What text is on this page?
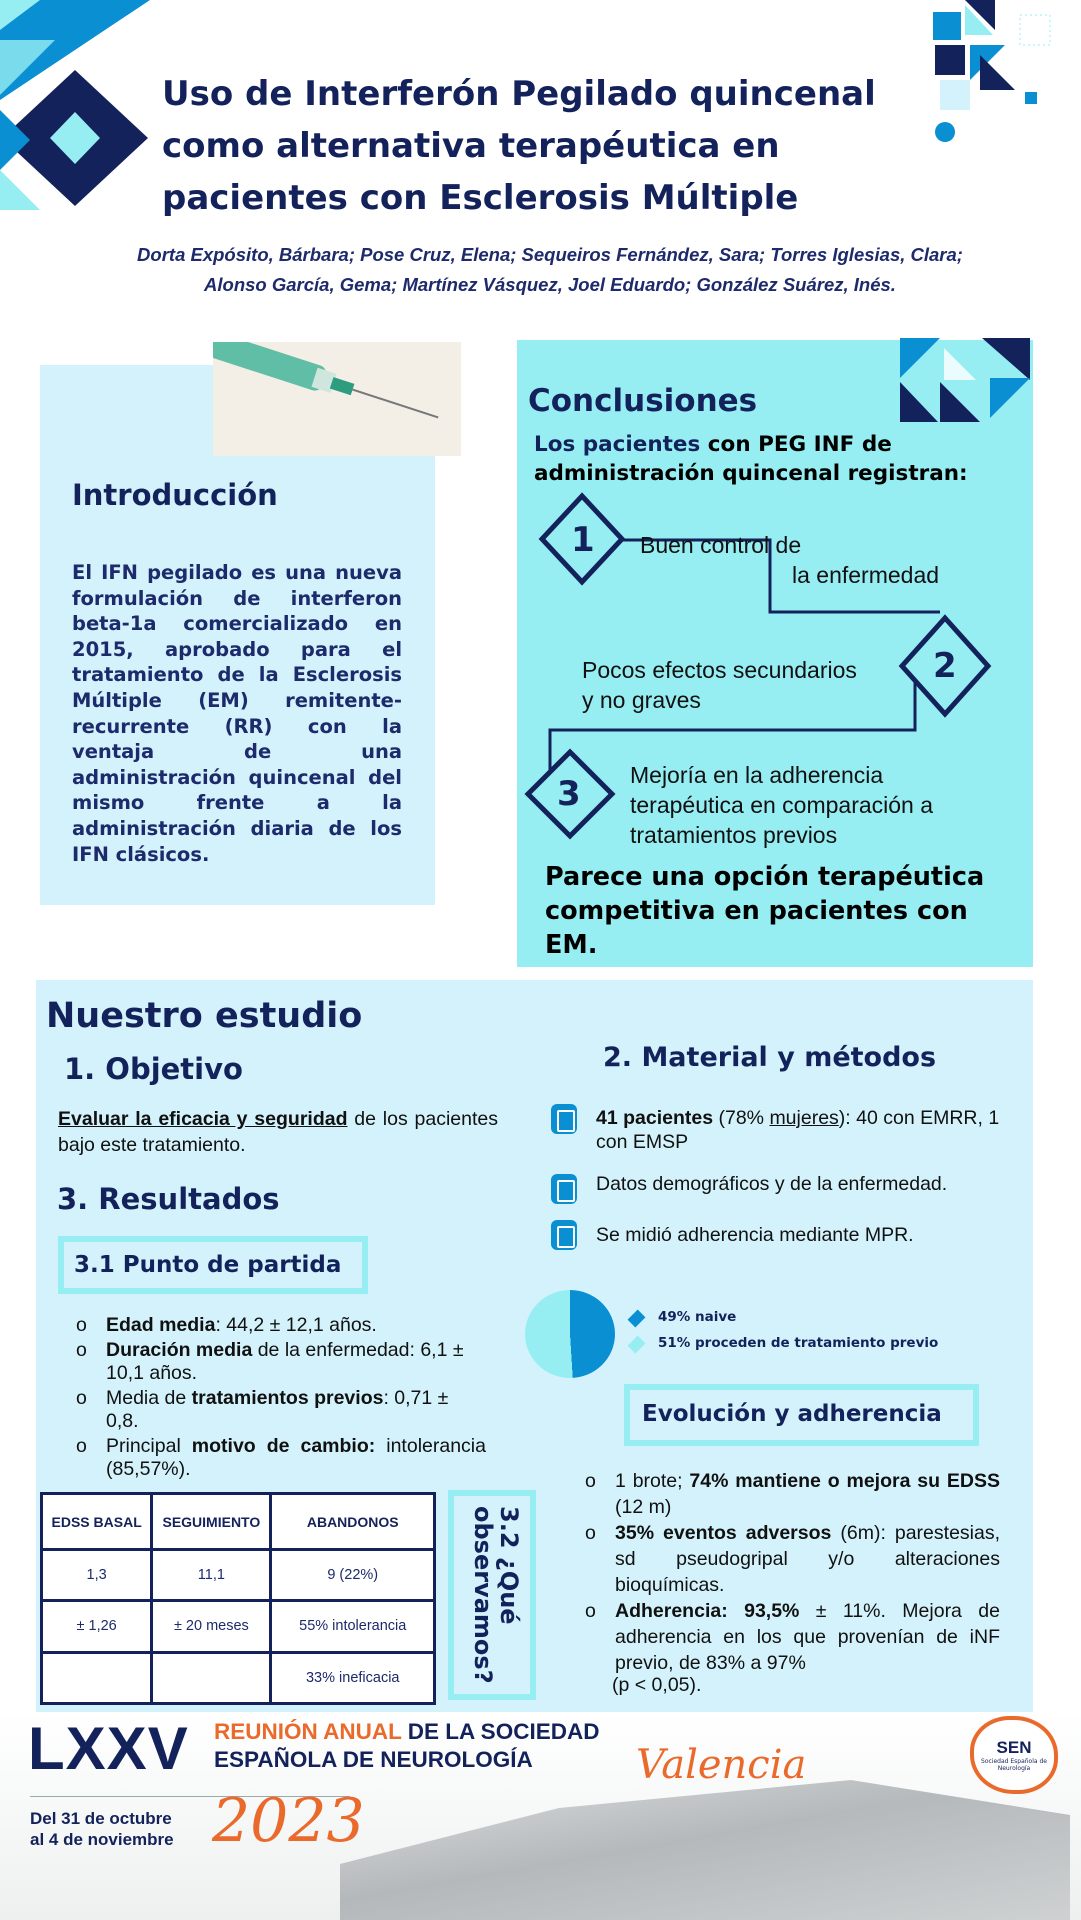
Uso de Interferón Pegilado quincenal
como alternativa terapéutica en
pacientes con Esclerosis Múltiple
Dorta Expósito, Bárbara; Pose Cruz, Elena; Sequeiros Fernández, Sara; Torres Iglesias, Clara;
Alonso García, Gema; Martínez Vásquez, Joel Eduardo; González Suárez, Inés.
Introducción
El IFN pegilado es una nueva formulación de interferon beta-1a comercializado en 2015, aprobado para el tratamiento de la Esclerosis Múltiple (EM) remitente-recurrente (RR) con la ventaja de una administración quincenal del mismo frente a la administración diaria de los IFN clásicos.
Conclusiones
Los pacientes con PEG INF de administración quincenal registran:
1
2
3
Buen control de
la enfermedad
Pocos efectos secundarios
y no graves
Mejoría en la adherencia
terapéutica en comparación a
tratamientos previos
Parece una opción terapéutica competitiva en pacientes con EM.
Nuestro estudio
1. Objetivo
Evaluar la eficacia y seguridad de los pacientes bajo este tratamiento.
3. Resultados
3.1 Punto de partida
o Edad media: 44,2 ± 12,1 años.
o Duración media de la enfermedad: 6,1 ± 10,1 años.
o Media de tratamientos previos: 0,71 ± 0,8.
o Principal motivo de cambio: intolerancia (85,57%).
EDSS BASAL	SEGUIMIENTO	ABANDONOS
1,3	11,1	9 (22%)
± 1,26	± 20 meses	55% intolerancia
		33% ineficacia
3.2 ¿Qué observamos?
2. Material y métodos
41 pacientes (78% mujeres): 40 con EMRR, 1 con EMSP
Datos demográficos y de la enfermedad.
Se midió adherencia mediante MPR.
49% naive
51% proceden de tratamiento previo
Evolución y adherencia
o 1 brote; 74% mantiene o mejora su EDSS (12 m)
o 35% eventos adversos (6m): parestesias, sd pseudogripal y/o alteraciones bioquímicas.
o Adherencia: 93,5% ± 11%. Mejora de adherencia en los que provenían de iNF previo, de 83% a 97%
(p < 0,05).
LXXV REUNIÓN ANUAL DE LA SOCIEDAD
ESPAÑOLA DE NEUROLOGÍA
Del 31 de octubre
al 4 de noviembre 2023
Valencia	SEN
Sociedad Española de Neurología
